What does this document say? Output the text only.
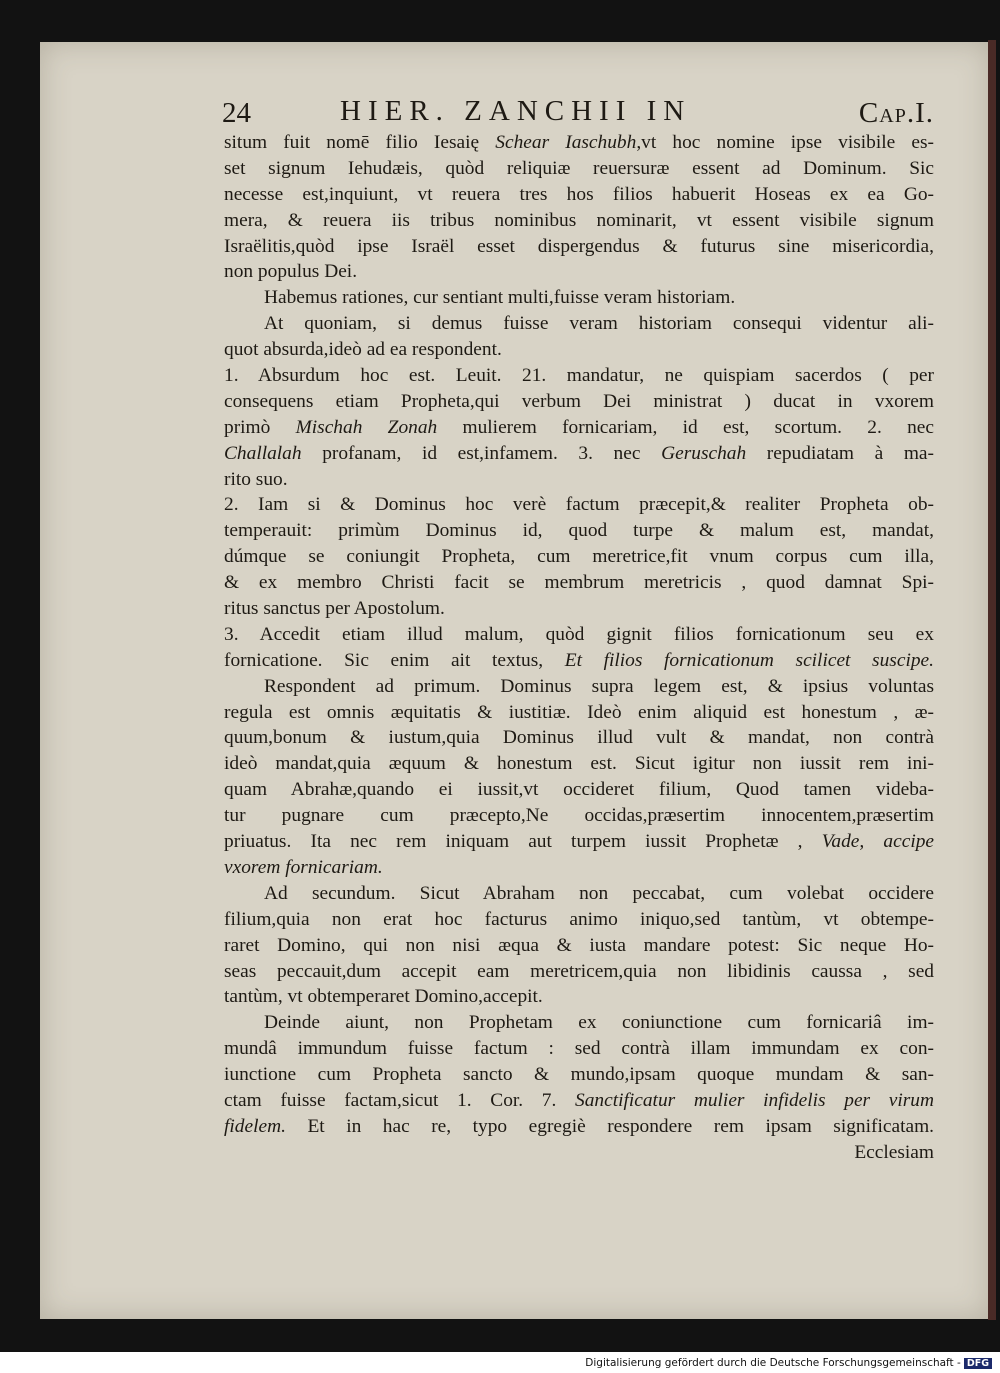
24	HIER. ZANCHII IN	Cap.I.
situm fuit nomē filio Iesaię Schear Iaschubh,vt hoc nomine ipse visibile es-
set signum Iehudæis, quòd reliquiæ reuersuræ essent ad Dominum. Sic
necesse est,inquiunt, vt reuera tres hos filios habuerit Hoseas ex ea Go-
mera, & reuera iis tribus nominibus nominarit, vt essent visibile signum
Israëlitis,quòd ipse Israël esset dispergendus & futurus sine misericordia,
non populus Dei.
Habemus rationes, cur sentiant multi,fuisse veram historiam.
At quoniam, si demus fuisse veram historiam consequi videntur ali-
quot absurda,ideò ad ea respondent.
1. Absurdum hoc est. Leuit. 21. mandatur, ne quispiam sacerdos ( per
consequens etiam Propheta,qui verbum Dei ministrat ) ducat in vxorem
primò Mischah Zonah mulierem fornicariam, id est, scortum. 2. nec
Challalah profanam, id est,infamem. 3. nec Geruschah repudiatam à ma-
rito suo.
2. Iam si & Dominus hoc verè factum præcepit,& realiter Propheta ob-
temperauit: primùm Dominus id, quod turpe & malum est, mandat,
dúmque se coniungit Propheta, cum meretrice,fit vnum corpus cum illa,
& ex membro Christi facit se membrum meretricis , quod damnat Spi-
ritus sanctus per Apostolum.
3. Accedit etiam illud malum, quòd gignit filios fornicationum seu ex
fornicatione. Sic enim ait textus, Et filios fornicationum scilicet suscipe.
Respondent ad primum. Dominus supra legem est, & ipsius voluntas
regula est omnis æquitatis & iustitiæ. Ideò enim aliquid est honestum , æ-
quum,bonum & iustum,quia Dominus illud vult & mandat, non contrà
ideò mandat,quia æquum & honestum est. Sicut igitur non iussit rem ini-
quam Abrahæ,quando ei iussit,vt occideret filium, Quod tamen videba-
tur pugnare cum præcepto,Ne occidas,præsertim innocentem,præsertim
priuatus. Ita nec rem iniquam aut turpem iussit Prophetæ , Vade, accipe
vxorem fornicariam.
Ad secundum. Sicut Abraham non peccabat, cum volebat occidere
filium,quia non erat hoc facturus animo iniquo,sed tantùm, vt obtempe-
raret Domino, qui non nisi æqua & iusta mandare potest: Sic neque Ho-
seas peccauit,dum accepit eam meretricem,quia non libidinis caussa , sed
tantùm, vt obtemperaret Domino,accepit.
Deinde aiunt, non Prophetam ex coniunctione cum fornicariâ im-
mundâ immundum fuisse factum : sed contrà illam immundam ex con-
iunctione cum Propheta sancto & mundo,ipsam quoque mundam & san-
ctam fuisse factam,sicut 1. Cor. 7. Sanctificatur mulier infidelis per virum
fidelem. Et in hac re, typo egregiè respondere rem ipsam significatam.
Ecclesiam
Digitalisierung gefördert durch die Deutsche Forschungsgemeinschaft - DFG
